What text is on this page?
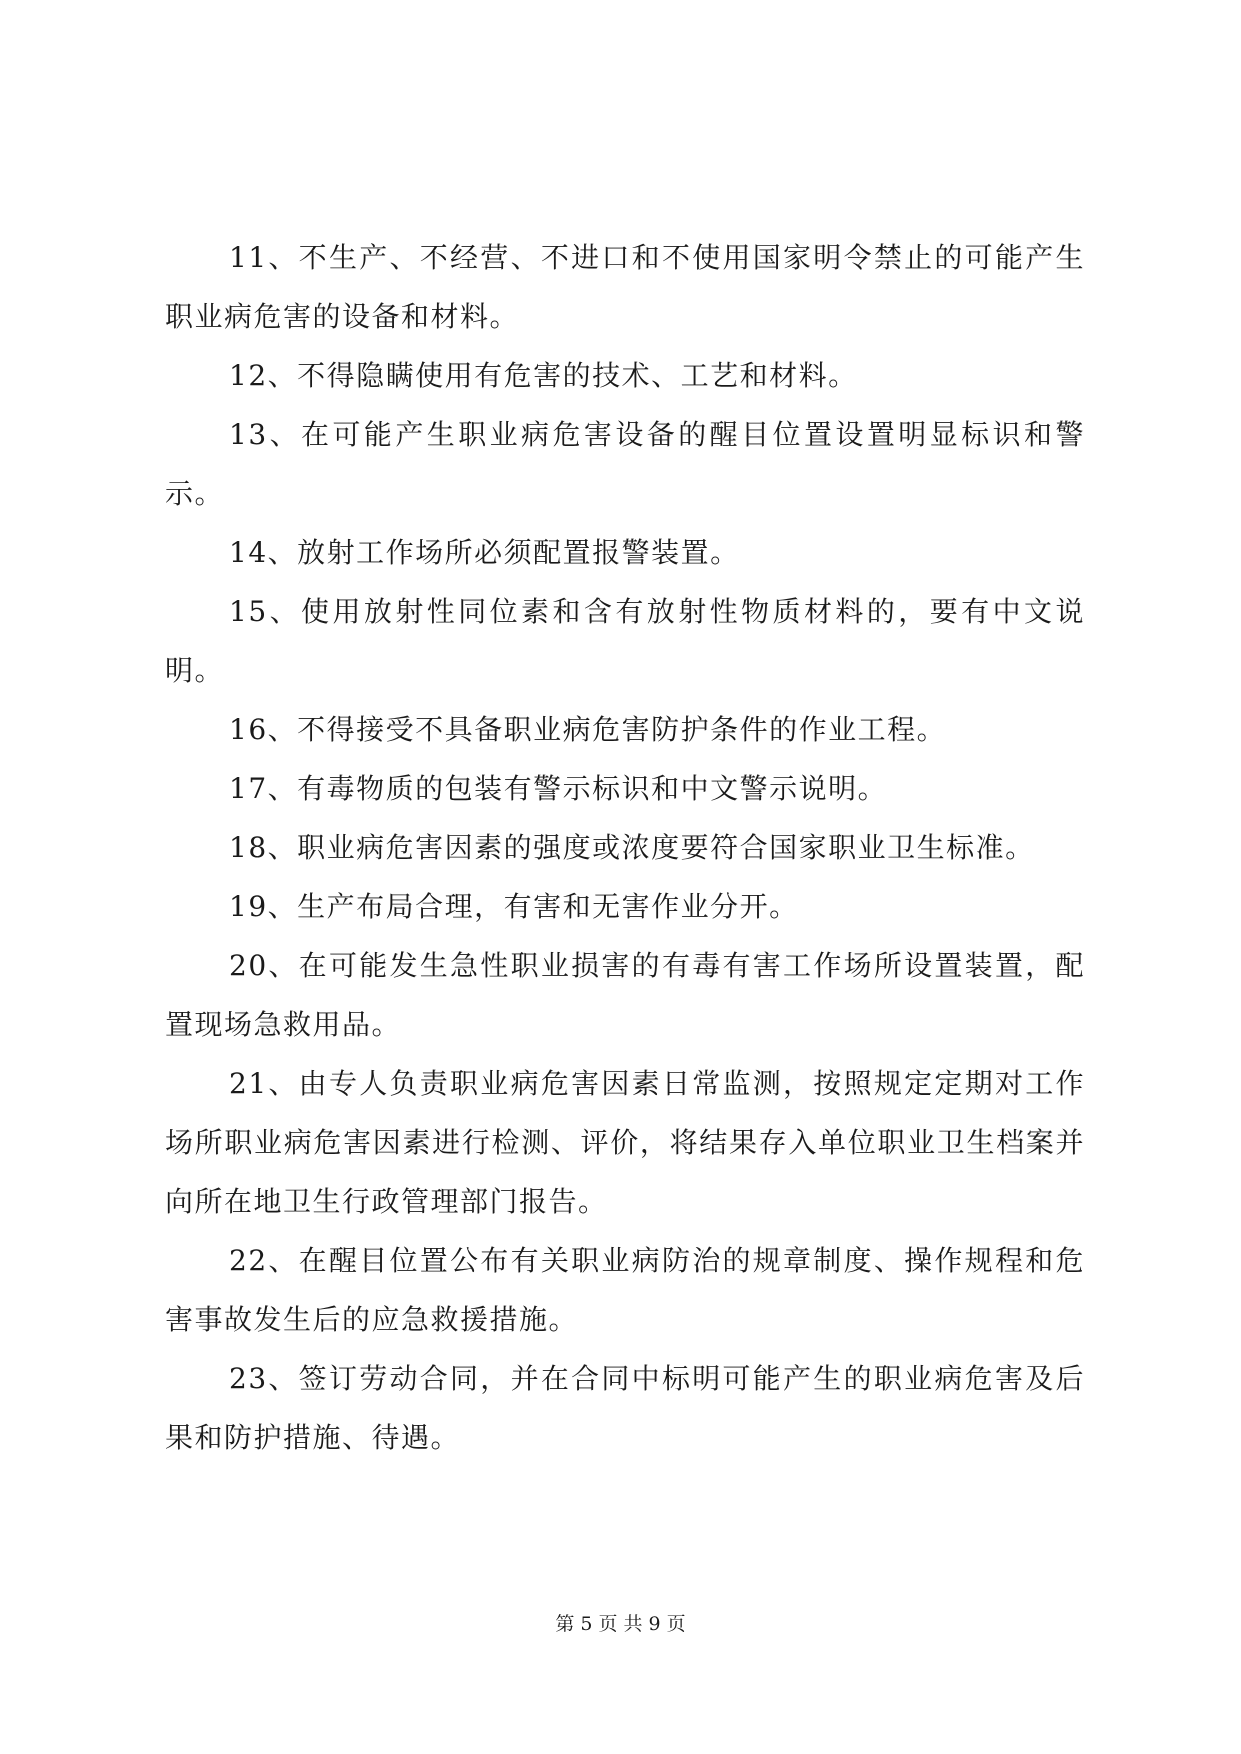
11、不生产、不经营、不进口和不使用国家明令禁止的可能产生职业病危害的设备和材料。

12、不得隐瞒使用有危害的技术、工艺和材料。

13、在可能产生职业病危害设备的醒目位置设置明显标识和警示。

14、放射工作场所必须配置报警装置。

15、使用放射性同位素和含有放射性物质材料的，要有中文说明。

16、不得接受不具备职业病危害防护条件的作业工程。

17、有毒物质的包装有警示标识和中文警示说明。

18、职业病危害因素的强度或浓度要符合国家职业卫生标准。

19、生产布局合理，有害和无害作业分开。

20、在可能发生急性职业损害的有毒有害工作场所设置装置，配置现场急救用品。

21、由专人负责职业病危害因素日常监测，按照规定定期对工作场所职业病危害因素进行检测、评价，将结果存入单位职业卫生档案并向所在地卫生行政管理部门报告。

22、在醒目位置公布有关职业病防治的规章制度、操作规程和危害事故发生后的应急救援措施。

23、签订劳动合同，并在合同中标明可能产生的职业病危害及后果和防护措施、待遇。

第 5 页 共 9 页
